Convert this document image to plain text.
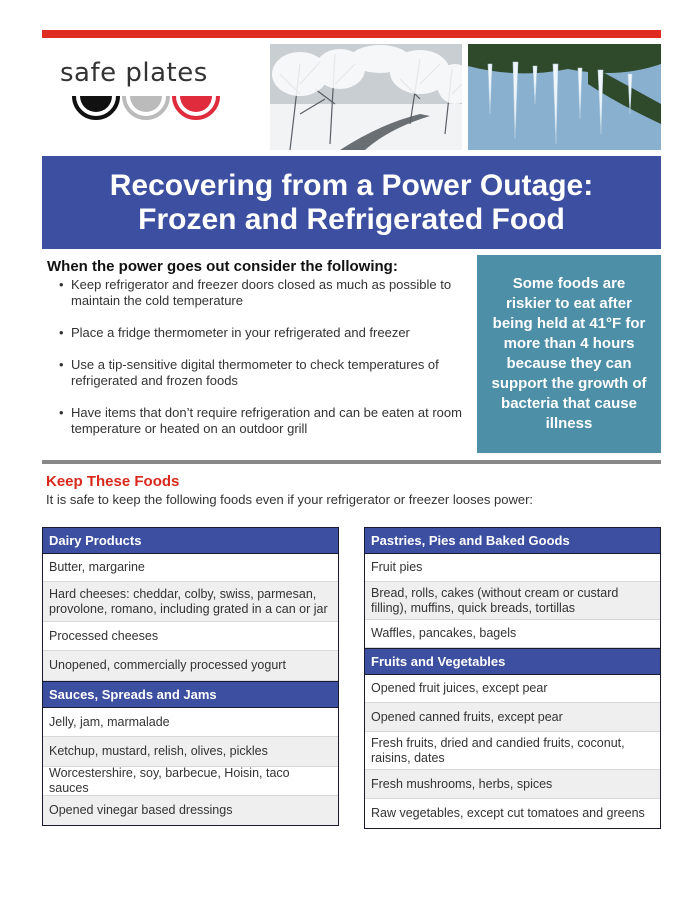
safe plates
Recovering from a Power Outage:
Frozen and Refrigerated Food
When the power goes out consider the following:
• Keep refrigerator and freezer doors closed as much as possible to maintain the cold temperature
• Place a fridge thermometer in your refrigerated and freezer
• Use a tip-sensitive digital thermometer to check temperatures of refrigerated and frozen foods
• Have items that don’t require refrigeration and can be eaten at room temperature or heated on an outdoor grill

Some foods are riskier to eat after being held at 41°F for more than 4 hours because they can support the growth of bacteria that cause illness

Keep These Foods
It is safe to keep the following foods even if your refrigerator or freezer looses power:
Dairy Products
Butter, margarine
Hard cheeses: cheddar, colby, swiss, parmesan, provolone, romano, including grated in a can or jar
Processed cheeses
Unopened, commercially processed yogurt
Sauces, Spreads and Jams
Jelly, jam, marmalade
Ketchup, mustard, relish, olives, pickles
Worcestershire, soy, barbecue, Hoisin, taco sauces
Opened vinegar based dressings
Pastries, Pies and Baked Goods
Fruit pies
Bread, rolls, cakes (without cream or custard filling), muffins, quick breads, tortillas
Waffles, pancakes, bagels
Fruits and Vegetables
Opened fruit juices, except pear
Opened canned fruits, except pear
Fresh fruits, dried and candied fruits, coconut, raisins, dates
Fresh mushrooms, herbs, spices
Raw vegetables, except cut tomatoes and greens
